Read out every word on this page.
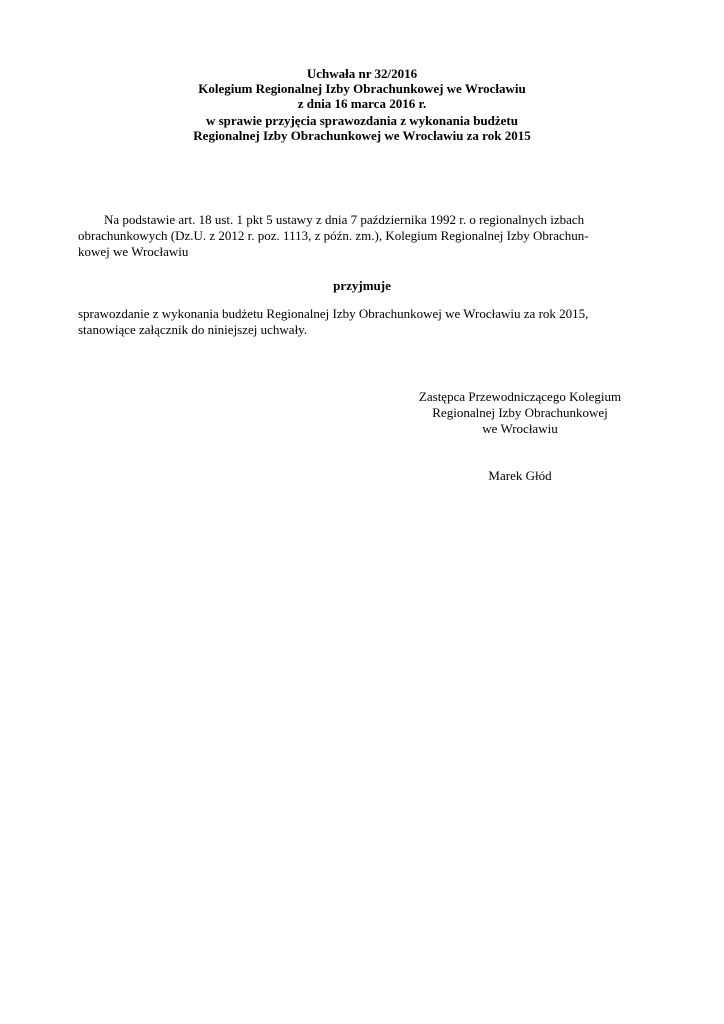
Uchwała nr 32/2016
Kolegium Regionalnej Izby Obrachunkowej we Wrocławiu
z dnia 16 marca 2016 r.
w sprawie przyjęcia sprawozdania z wykonania budżetu
Regionalnej Izby Obrachunkowej we Wrocławiu za rok 2015
Na podstawie art. 18 ust. 1 pkt 5 ustawy z dnia 7 października 1992 r. o regionalnych izbach
obrachunkowych (Dz.U. z 2012 r. poz. 1113, z późn. zm.), Kolegium Regionalnej Izby Obrachun-
kowej we Wrocławiu
przyjmuje
sprawozdanie z wykonania budżetu Regionalnej Izby Obrachunkowej we Wrocławiu za rok 2015,
stanowiące załącznik do niniejszej uchwały.
Zastępca Przewodniczącego Kolegium
Regionalnej Izby Obrachunkowej
we Wrocławiu
Marek Głód
